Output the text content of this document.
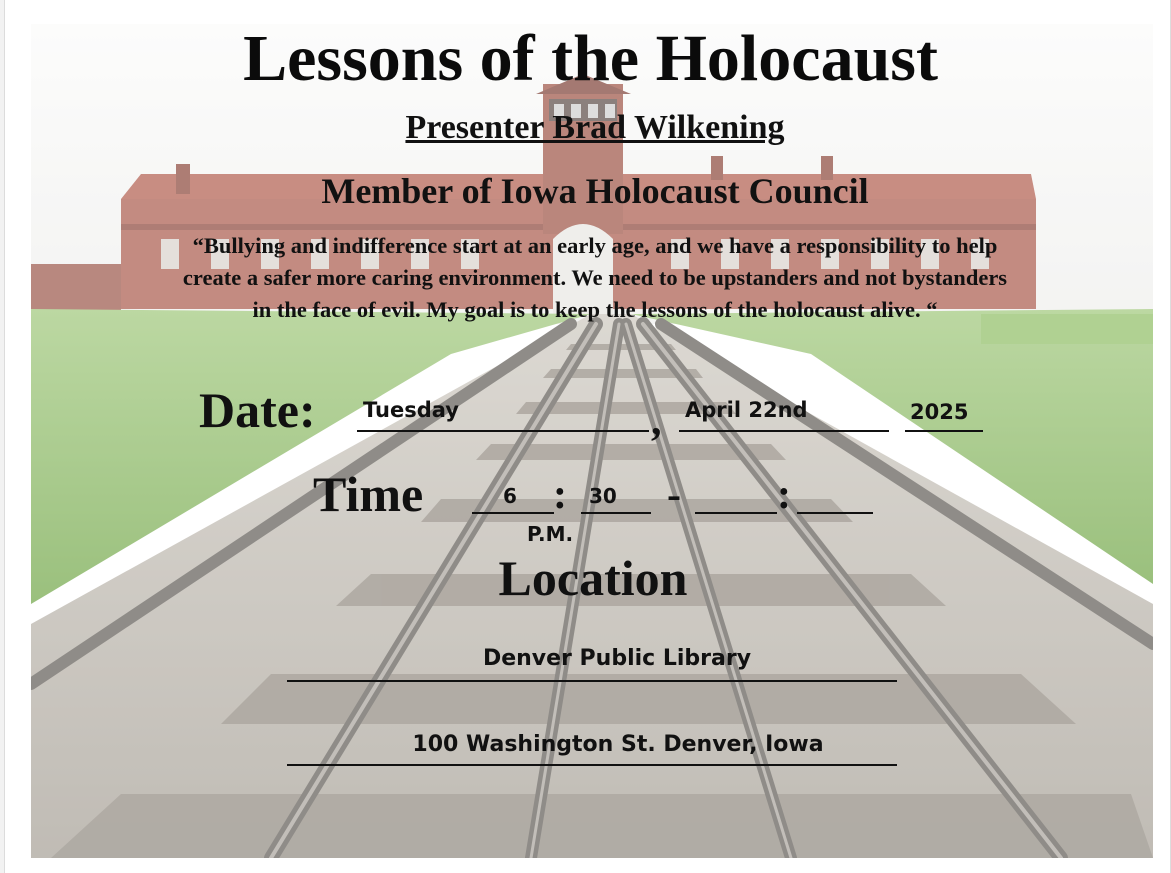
Lessons of the Holocaust
Presenter Brad Wilkening
Member of Iowa Holocaust Council
“Bullying and indifference start at an early age, and we have a responsibility to help
create a safer more caring environment. We need to be upstanders and not bystanders
in the face of evil. My goal is to keep the lessons of the holocaust alive. “
Date: Tuesday	, April 22nd	2025
Time	6 : 30 - :
P.M.
Location
Denver Public Library
100 Washington St. Denver, Iowa
